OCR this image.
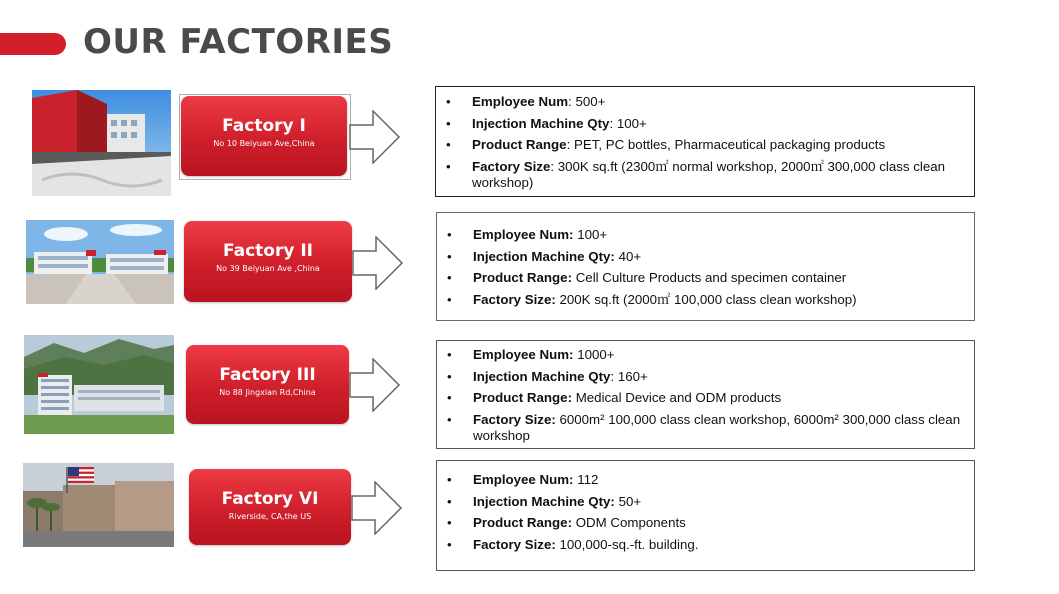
OUR FACTORIES
Factory I
No 10 Beiyuan Ave,China
• Employee Num: 500+
• Injection Machine Qty: 100+
• Product Range: PET, PC bottles, Pharmaceutical packaging products
• Factory Size: 300K sq.ft (2300㎡ normal workshop, 2000㎡ 300,000 class clean workshop)
Factory II
No 39 Beiyuan Ave ,China
• Employee Num: 100+
• Injection Machine Qty: 40+
• Product Range: Cell Culture Products and specimen container
• Factory Size: 200K sq.ft (2000㎡ 100,000 class clean workshop)
Factory III
No 88 Jingxian Rd,China
• Employee Num: 1000+
• Injection Machine Qty: 160+
• Product Range: Medical Device and ODM products
• Factory Size: 6000m² 100,000 class clean workshop, 6000m² 300,000 class clean workshop
Factory VI
Riverside, CA,the US
• Employee Num: 112
• Injection Machine Qty: 50+
• Product Range: ODM Components
• Factory Size: 100,000-sq.-ft. building.
